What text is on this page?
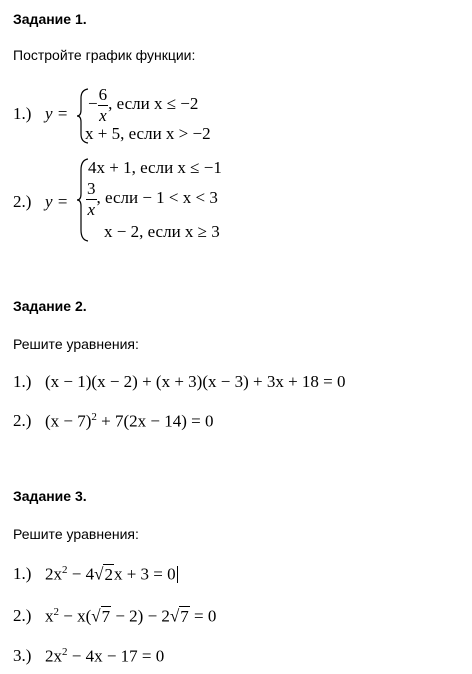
Задание 1.
Постройте график функции:
1.) y =
− $\frac{6}{x}$ , если x ≤ −2
x + 5, если x > −2
2.) y =
4x + 1, если x ≤ −1
$\frac{3}{x}$ , если − 1 < x < 3
x − 2, если x ≥ 3
Задание 2.
Решите уравнения:
1.) (x − 1)(x − 2) + (x + 3)(x − 3) + 3x + 18 = 0
2.) $(x - 7)^2 + 7(2x - 14) = 0$
Задание 3.
Решите уравнения:
1.) $2x^2 - 4√2x + 3 = 0$
2.) $x^2 - x(√7 - 2) - 2√7 = 0$
3.) $2x^2 - 4x - 17 = 0$
